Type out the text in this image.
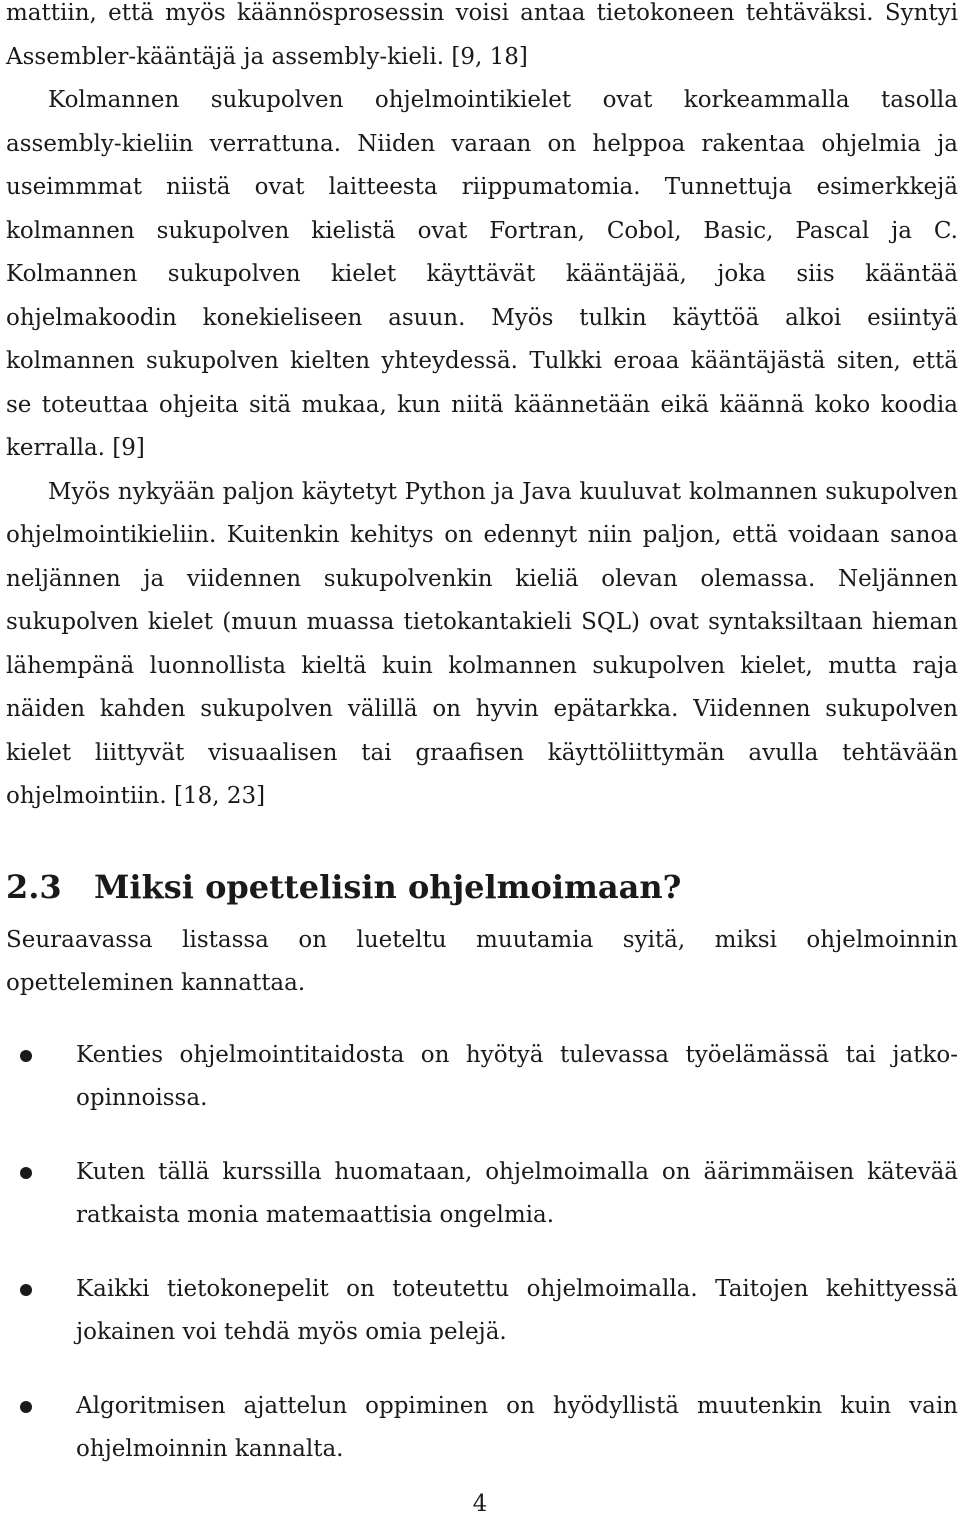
mattiin, että myös käännösprosessin voisi antaa tietokoneen tehtäväksi. Syntyi Assembler-kääntäjä ja assembly-kieli. [9, 18]

Kolmannen sukupolven ohjelmointikielet ovat korkeammalla tasolla assembly-kieliin verrattuna. Niiden varaan on helppoa rakentaa ohjelmia ja useimmmat niistä ovat laitteesta riippumatomia. Tunnettuja esimerkkejä kolmannen sukupolven kielistä ovat Fortran, Cobol, Basic, Pascal ja C. Kolmannen sukupolven kielet käyttävät kääntäjää, joka siis kääntää ohjelmakoodin konekieliseen asuun. Myös tulkin käyttöä alkoi esiintyä kolmannen sukupolven kielten yhteydessä. Tulkki eroaa kääntäjästä siten, että se toteuttaa ohjeita sitä mukaa, kun niitä käännetään eikä käännä koko koodia kerralla. [9]

Myös nykyään paljon käytetyt Python ja Java kuuluvat kolmannen sukupolven ohjelmointikieliin. Kuitenkin kehitys on edennyt niin paljon, että voidaan sanoa neljännen ja viidennen sukupolvenkin kieliä olevan olemassa. Neljännen sukupolven kielet (muun muassa tietokantakieli SQL) ovat syntaksiltaan hieman lähempänä luonnollista kieltä kuin kolmannen sukupolven kielet, mutta raja näiden kahden sukupolven välillä on hyvin epätarkka. Viidennen sukupolven kielet liittyvät visuaalisen tai graafisen käyttöliittymän avulla tehtävään ohjelmointiin. [18, 23]

2.3 Miksi opettelisin ohjelmoimaan?

Seuraavassa listassa on lueteltu muutamia syitä, miksi ohjelmoinnin opetteleminen kannattaa.

Kenties ohjelmointitaidosta on hyötyä tulevassa työelämässä tai jatko-opinnoissa.
Kuten tällä kurssilla huomataan, ohjelmoimalla on äärimmäisen kätevää ratkaista monia matemaattisia ongelmia.
Kaikki tietokonepelit on toteutettu ohjelmoimalla. Taitojen kehittyessä jokainen voi tehdä myös omia pelejä.
Algoritmisen ajattelun oppiminen on hyödyllistä muutenkin kuin vain ohjelmoinnin kannalta.
4
